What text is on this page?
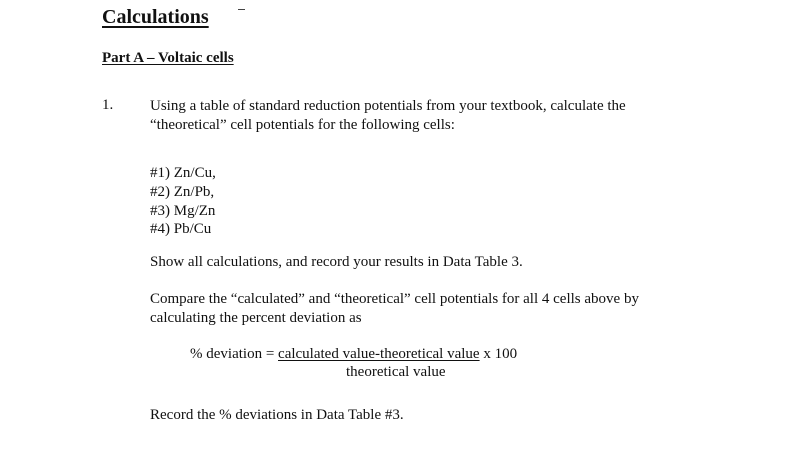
Calculations
Part A – Voltaic cells
1. Using a table of standard reduction potentials from your textbook, calculate the
“theoretical” cell potentials for the following cells:
#1) Zn/Cu,
#2) Zn/Pb,
#3) Mg/Zn
#4) Pb/Cu
Show all calculations, and record your results in Data Table 3.
Compare the “calculated” and “theoretical” cell potentials for all 4 cells above by
calculating the percent deviation as
% deviation = calculated value-theoretical value x 100
theoretical value
Record the % deviations in Data Table #3.
